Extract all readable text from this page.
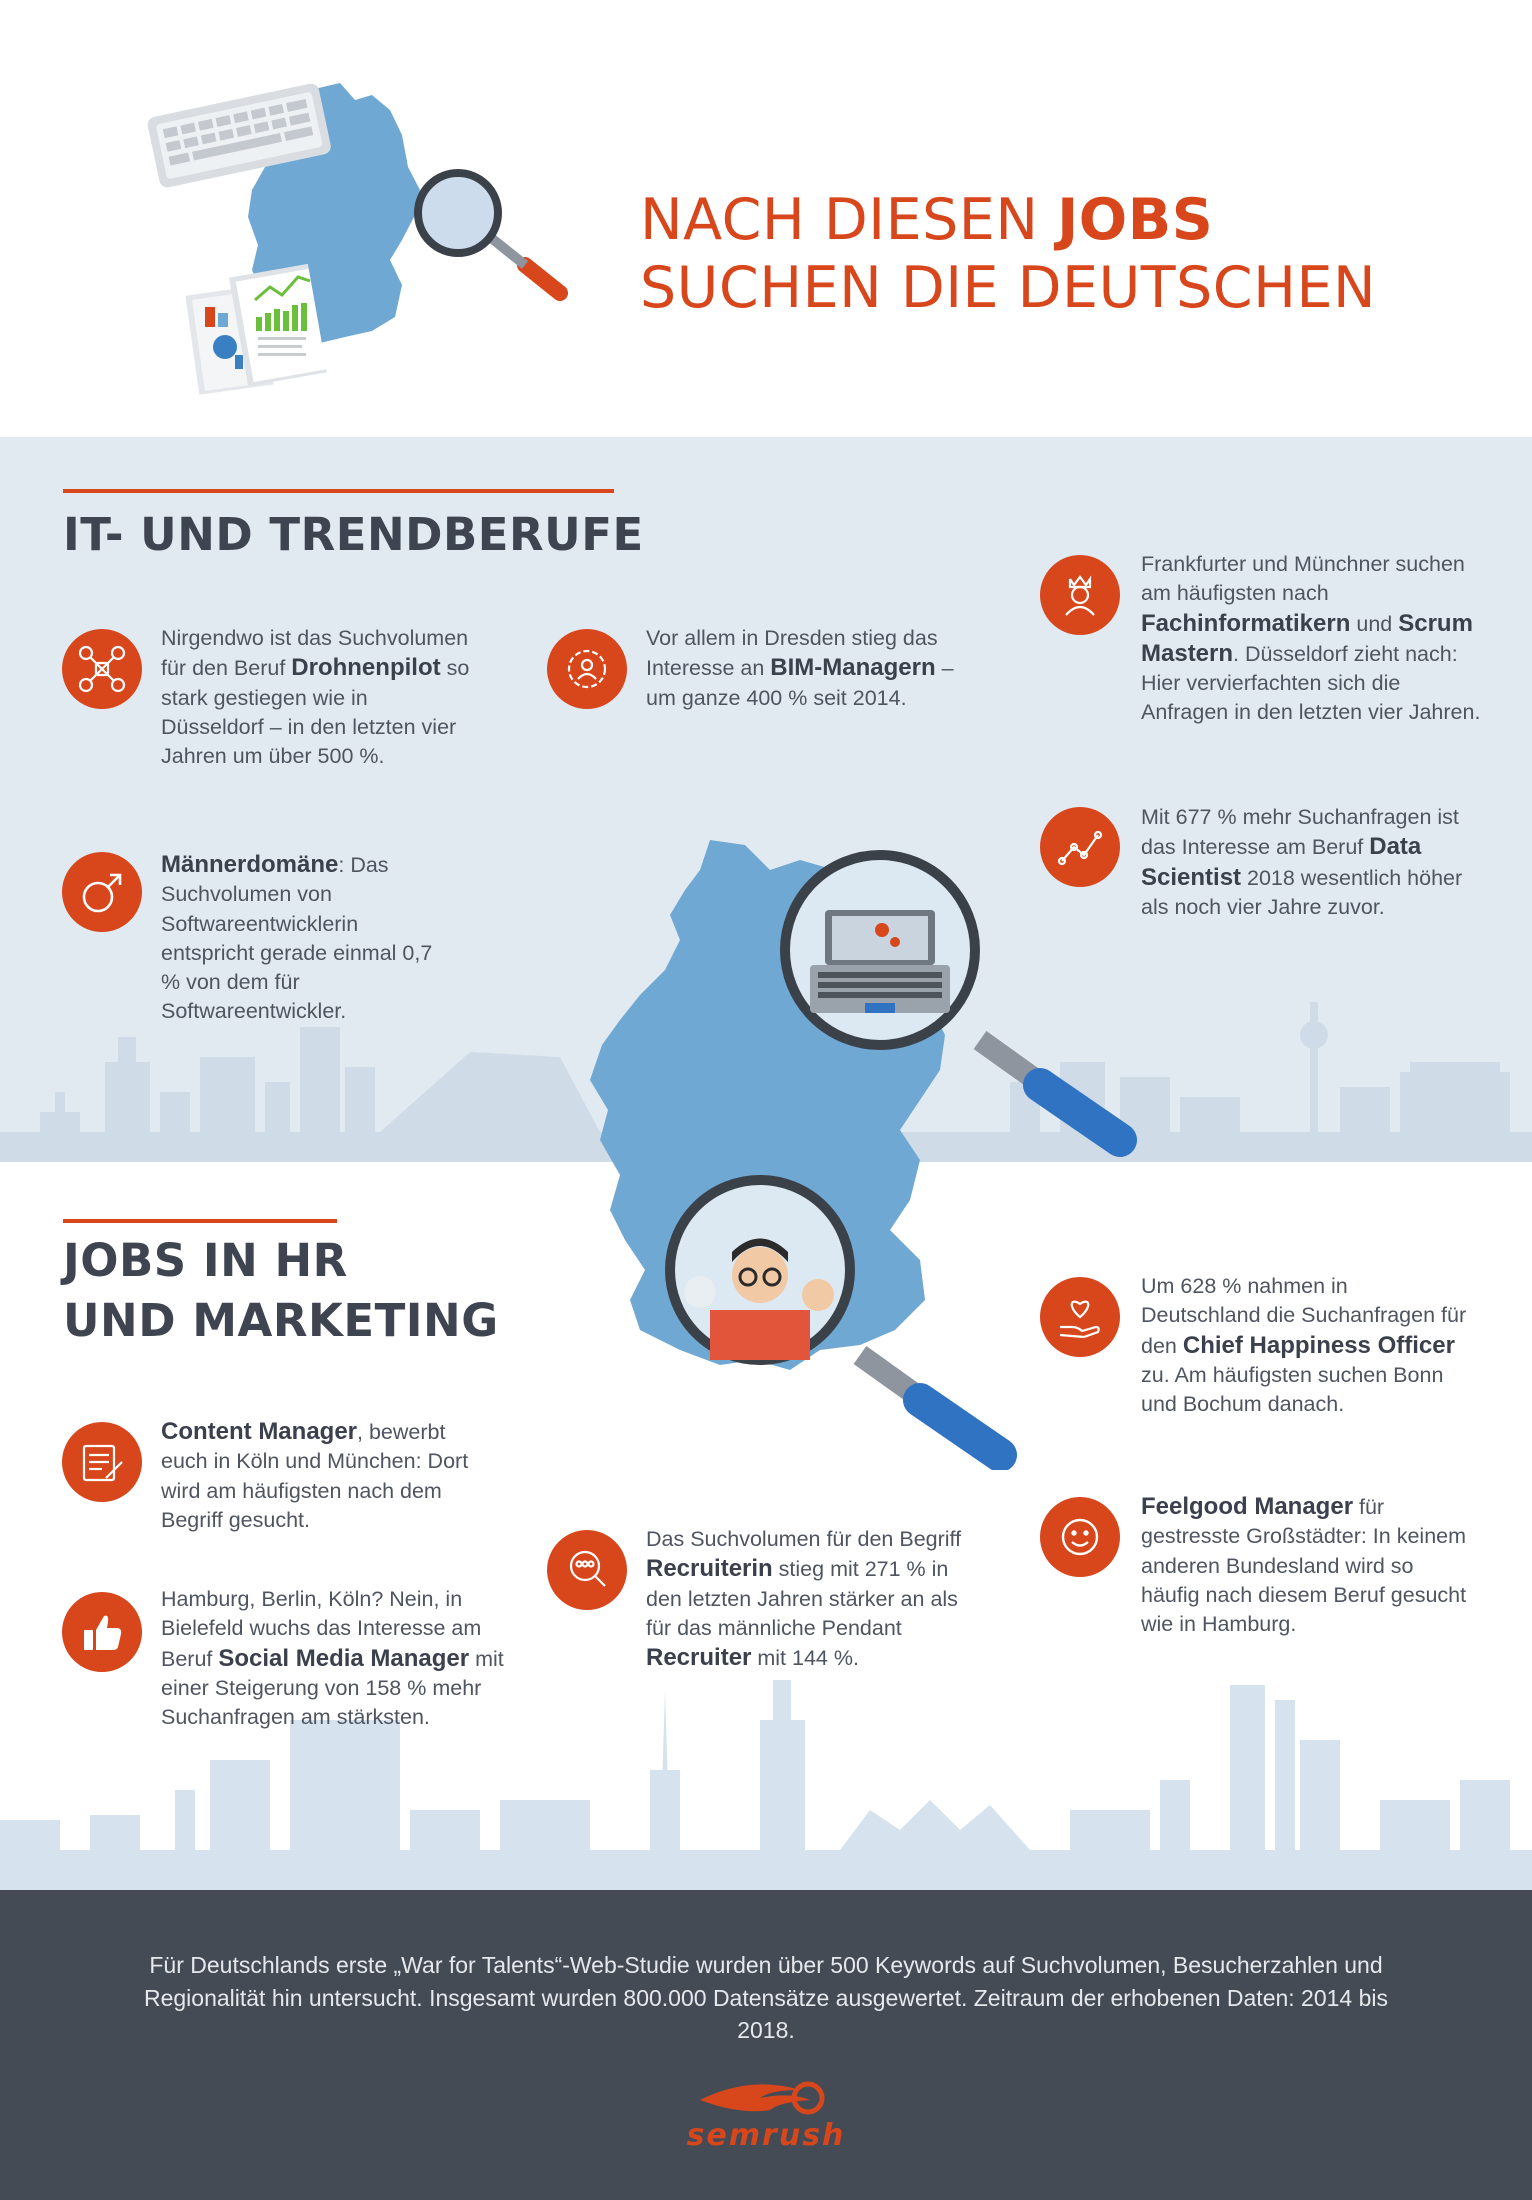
NACH DIESEN JOBS
SUCHEN DIE DEUTSCHEN
IT- UND TRENDBERUFE
Nirgendwo ist das Suchvolumen für den Beruf Drohnenpilot so stark gestiegen wie in Düsseldorf – in den letzten vier Jahren um über 500 %.
Männerdomäne: Das Suchvolumen von Softwareentwicklerin entspricht gerade einmal 0,7 % von dem für Softwareentwickler.
Vor allem in Dresden stieg das Interesse an BIM-Managern – um ganze 400 % seit 2014.
Frankfurter und Münchner suchen am häufigsten nach Fachinformatikern und Scrum Mastern. Düsseldorf zieht nach: Hier vervierfachten sich die Anfragen in den letzten vier Jahren.
Mit 677 % mehr Suchanfragen ist das Interesse am Beruf Data Scientist 2018 wesentlich höher als noch vier Jahre zuvor.
JOBS IN HR
UND MARKETING
Content Manager, bewerbt euch in Köln und München: Dort wird am häufigsten nach dem Begriff gesucht.
Hamburg, Berlin, Köln? Nein, in Bielefeld wuchs das Interesse am Beruf Social Media Manager mit einer Steigerung von 158 % mehr Suchanfragen am stärksten.
Das Suchvolumen für den Begriff Recruiterin stieg mit 271 % in den letzten Jahren stärker an als für das männliche Pendant Recruiter mit 144 %.
Um 628 % nahmen in Deutschland die Suchanfragen für den Chief Happiness Officer zu. Am häufigsten suchen Bonn und Bochum danach.
Feelgood Manager für gestresste Großstädter: In keinem anderen Bundesland wird so häufig nach diesem Beruf gesucht wie in Hamburg.

Für Deutschlands erste „War for Talents“-Web-Studie wurden über 500 Keywords auf Suchvolumen, Besucherzahlen und Regionalität hin untersucht. Insgesamt wurden 800.000 Datensätze ausgewertet. Zeitraum der erhobenen Daten: 2014 bis 2018.

semrush
